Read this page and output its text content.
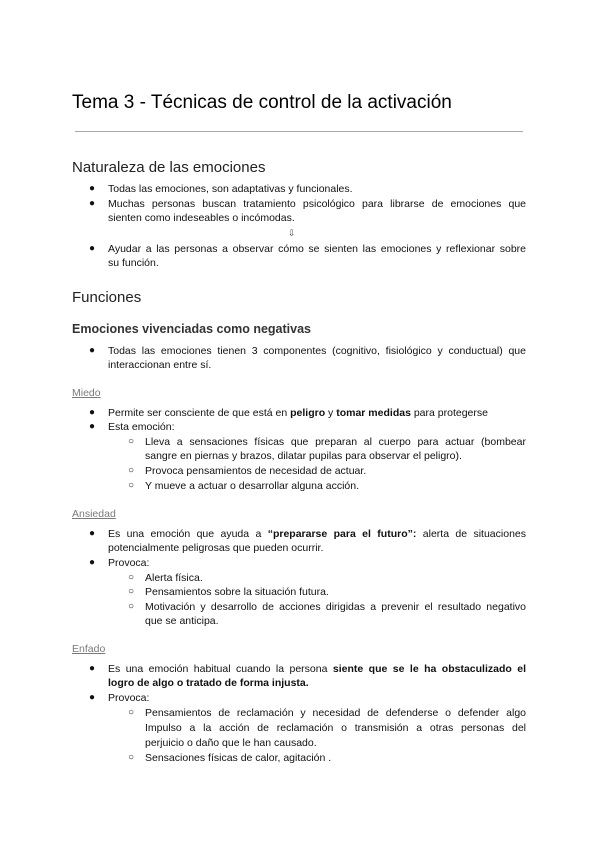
Tema 3 - Técnicas de control de la activación
Naturaleza de las emociones
● Todas las emociones, son adaptativas y funcionales.
● Muchas personas buscan tratamiento psicológico para librarse de emociones que
sienten como indeseables o incómodas.
⇩
● Ayudar a las personas a observar cómo se sienten las emociones y reflexionar sobre
su función.
Funciones
Emociones vivenciadas como negativas
● Todas las emociones tienen 3 componentes (cognitivo, fisiológico y conductual) que
interaccionan entre sí.
Miedo
● Permite ser consciente de que está en peligro y tomar medidas para protegerse
● Esta emoción:
○ Lleva a sensaciones físicas que preparan al cuerpo para actuar (bombear
sangre en piernas y brazos, dilatar pupilas para observar el peligro).
○ Provoca pensamientos de necesidad de actuar.
○ Y mueve a actuar o desarrollar alguna acción.
Ansiedad
● Es una emoción que ayuda a “prepararse para el futuro”: alerta de situaciones
potencialmente peligrosas que pueden ocurrir.
● Provoca:
○ Alerta física.
○ Pensamientos sobre la situación futura.
○ Motivación y desarrollo de acciones dirigidas a prevenir el resultado negativo
que se anticipa.
Enfado
● Es una emoción habitual cuando la persona siente que se le ha obstaculizado el
logro de algo o tratado de forma injusta.
● Provoca:
○ Pensamientos de reclamación y necesidad de defenderse o defender algo
Impulso a la acción de reclamación o transmisión a otras personas del
perjuicio o daño que le han causado.
○ Sensaciones físicas de calor, agitación .
